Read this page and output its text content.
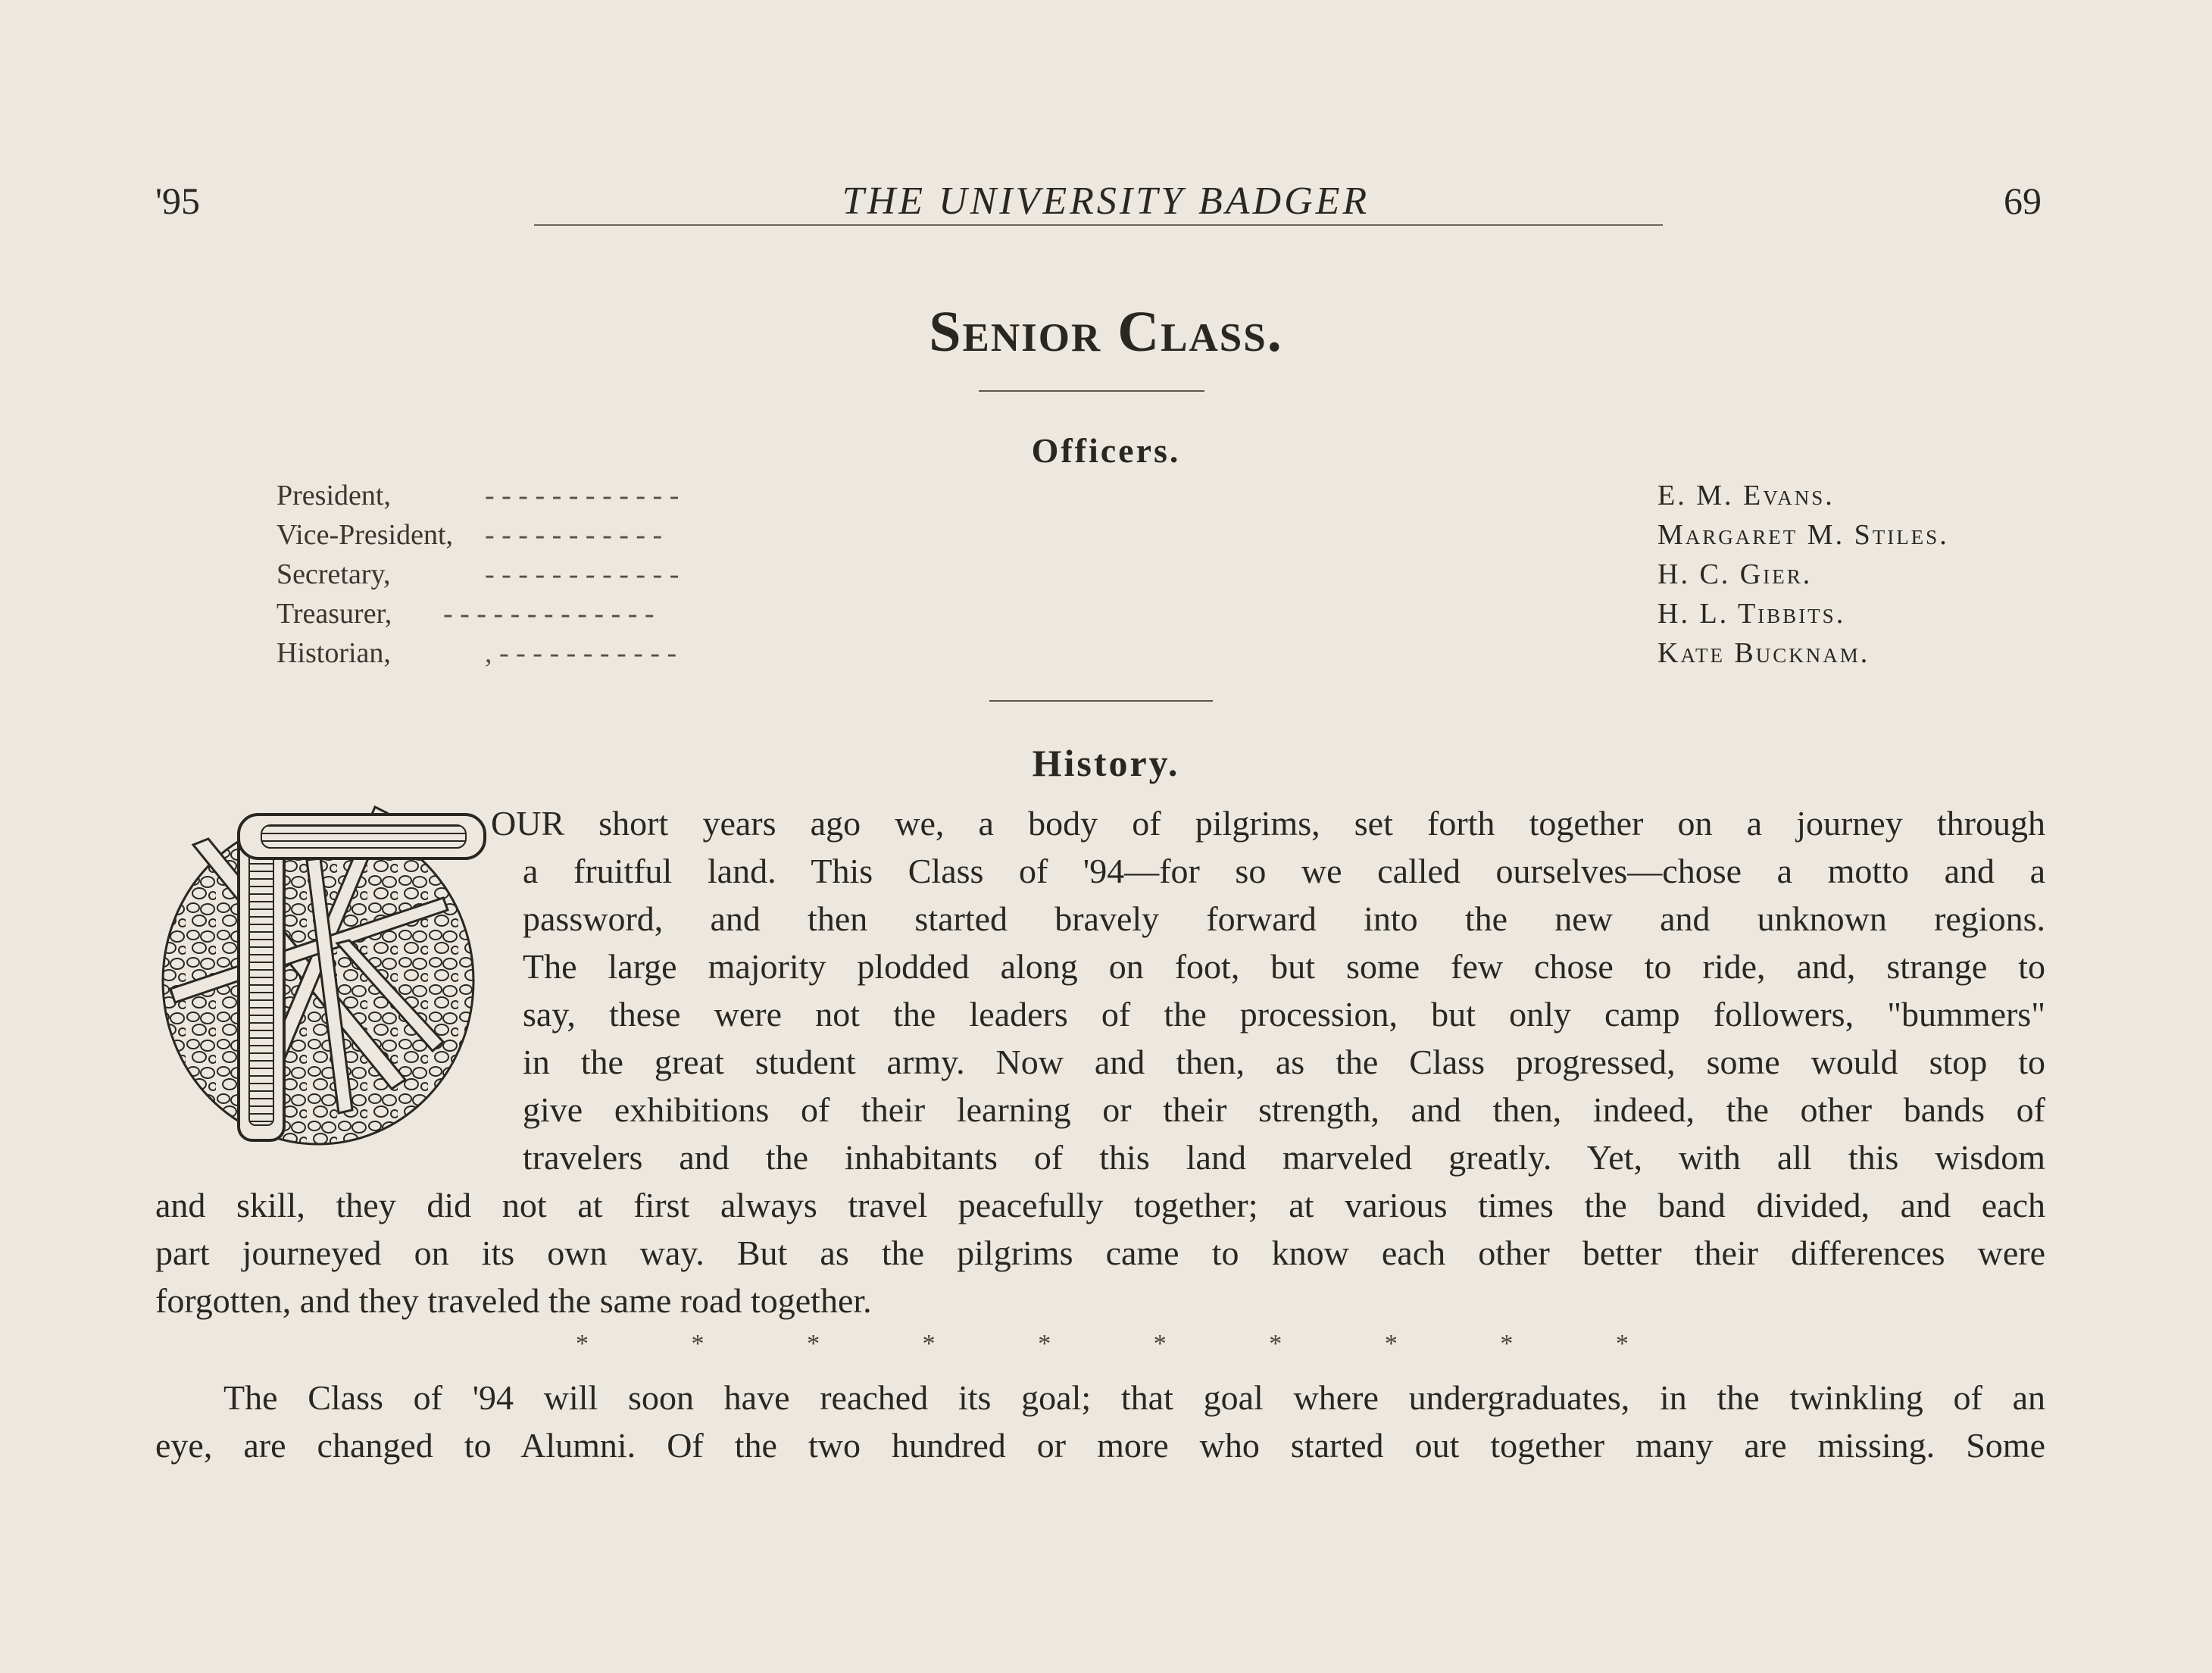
'95	THE UNIVERSITY BADGER	69
Senior Class.
Officers.
President,	- - - - - - - - - - - -	E. M. Evans.
Vice-President, - - - - - - - - - - -	Margaret M. Stiles.
Secretary,	- - - - - - - - - - - -	H. C. Gier.
Treasurer, - - - - - - - - - - - - -	H. L. Tibbits.
Historian,	, - - - - - - - - - - -	Kate Bucknam.
History.
OUR short years ago we, a body of pilgrims, set forth together on a journey through
a fruitful land. This Class of '94—for so we called ourselves—chose a motto and a
password, and then started bravely forward into the new and unknown regions.
The large majority plodded along on foot, but some few chose to ride, and, strange to
say, these were not the leaders of the procession, but only camp followers, "bummers"
in the great student army. Now and then, as the Class progressed, some would stop to
give exhibitions of their learning or their strength, and then, indeed, the other bands of
travelers and the inhabitants of this land marveled greatly. Yet, with all this wisdom
and skill, they did not at first always travel peacefully together; at various times the band divided, and each
part journeyed on its own way. But as the pilgrims came to know each other better their differences were
forgotten, and they traveled the same road together.
*	*	*	*	*	*	*	*	*	*
The Class of '94 will soon have reached its goal; that goal where undergraduates, in the twinkling of an
eye, are changed to Alumni. Of the two hundred or more who started out together many are missing. Some
